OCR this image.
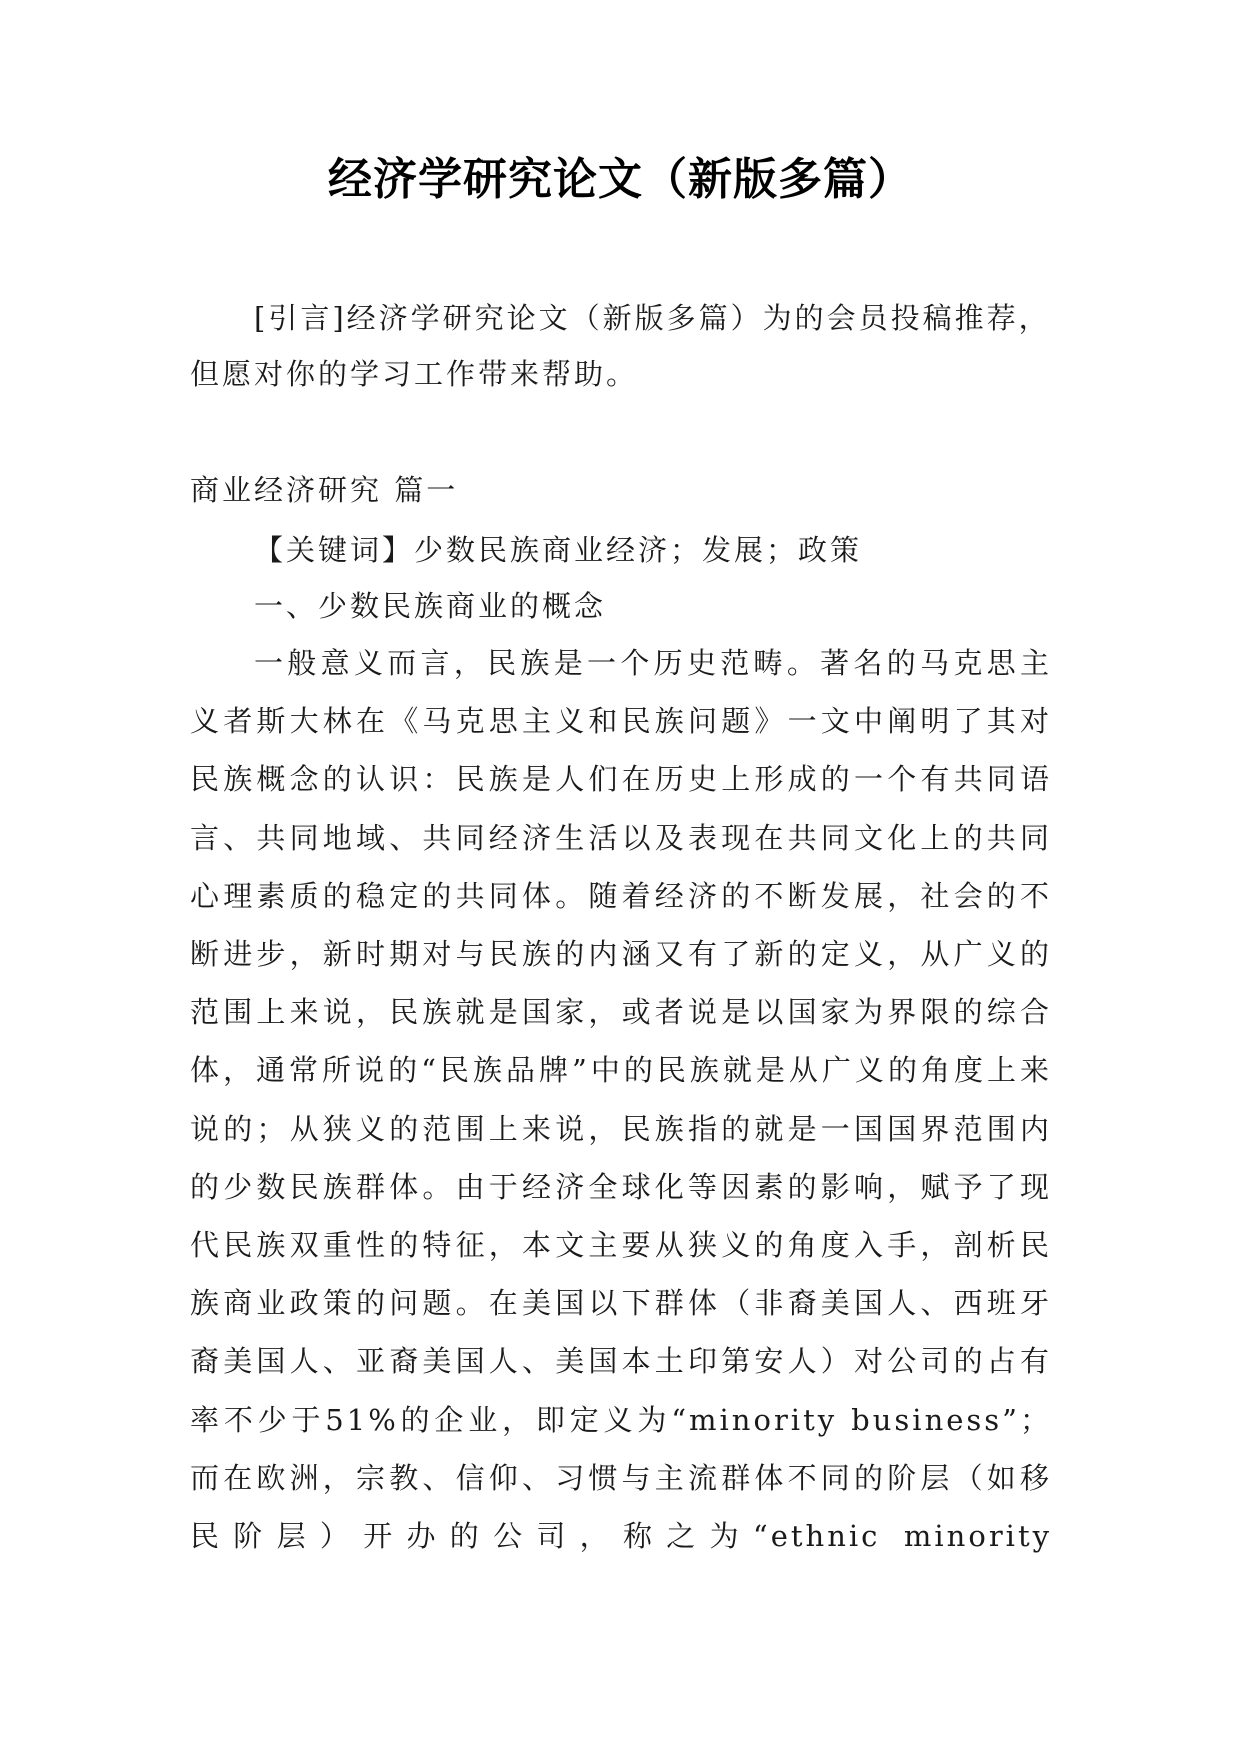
经济学研究论文（新版多篇）
[引言]经济学研究论文（新版多篇）为的会员投稿推荐，但愿对你的学习工作带来帮助。
商业经济研究 篇一
【关键词】少数民族商业经济；发展；政策
一、少数民族商业的概念
一般意义而言，民族是一个历史范畴。著名的马克思主义者斯大林在《马克思主义和民族问题》一文中阐明了其对民族概念的认识：民族是人们在历史上形成的一个有共同语言、共同地域、共同经济生活以及表现在共同文化上的共同心理素质的稳定的共同体。随着经济的不断发展，社会的不断进步，新时期对与民族的内涵又有了新的定义，从广义的范围上来说，民族就是国家，或者说是以国家为界限的综合体，通常所说的“民族品牌”中的民族就是从广义的角度上来说的；从狭义的范围上来说，民族指的就是一国国界范围内的少数民族群体。由于经济全球化等因素的影响，赋予了现代民族双重性的特征，本文主要从狭义的角度入手，剖析民族商业政策的问题。在美国以下群体（非裔美国人、西班牙裔美国人、亚裔美国人、美国本土印第安人）对公司的占有率不少于51%的企业，即定义为“minority business”；而在欧洲，宗教、信仰、习惯与主流群体不同的阶层（如移民阶层）开办的公司，称之为“ethnic minority
